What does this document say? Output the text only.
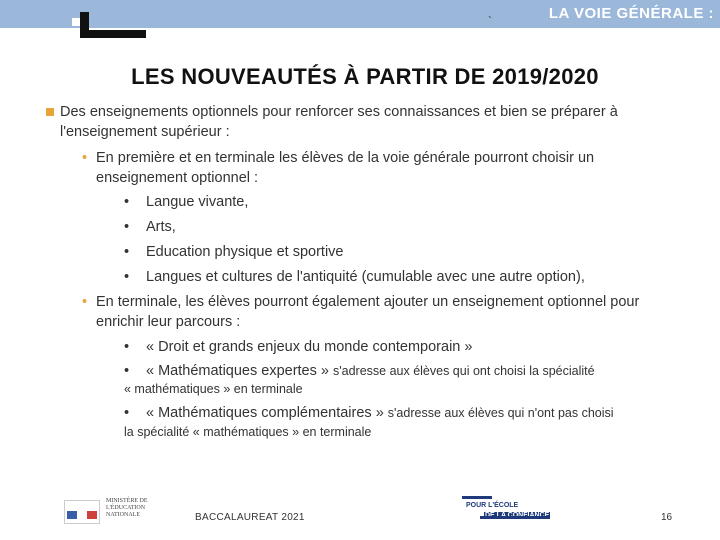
LA VOIE GÉNÉRALE :
`
LES NOUVEAUTÉS À PARTIR DE 2019/2020
Des enseignements optionnels pour renforcer ses connaissances et bien se préparer à l'enseignement supérieur :
• En première et en terminale les élèves de la voie générale pourront choisir un enseignement optionnel :
• Langue vivante,
• Arts,
• Education physique et sportive
• Langues et cultures de l'antiquité (cumulable avec une autre option),
• En terminale, les élèves pourront également ajouter un enseignement optionnel pour enrichir leur parcours :
• « Droit et grands enjeux du monde contemporain »
• « Mathématiques expertes » s'adresse aux élèves qui ont choisi la spécialité
« mathématiques » en terminale
• « Mathématiques complémentaires » s'adresse aux élèves qui n'ont pas choisi
la spécialité « mathématiques » en terminale
MINISTÈRE DE L'ÉDUCATION NATIONALE	BACCALAUREAT 2021
POUR L'ÉCOLE
16
